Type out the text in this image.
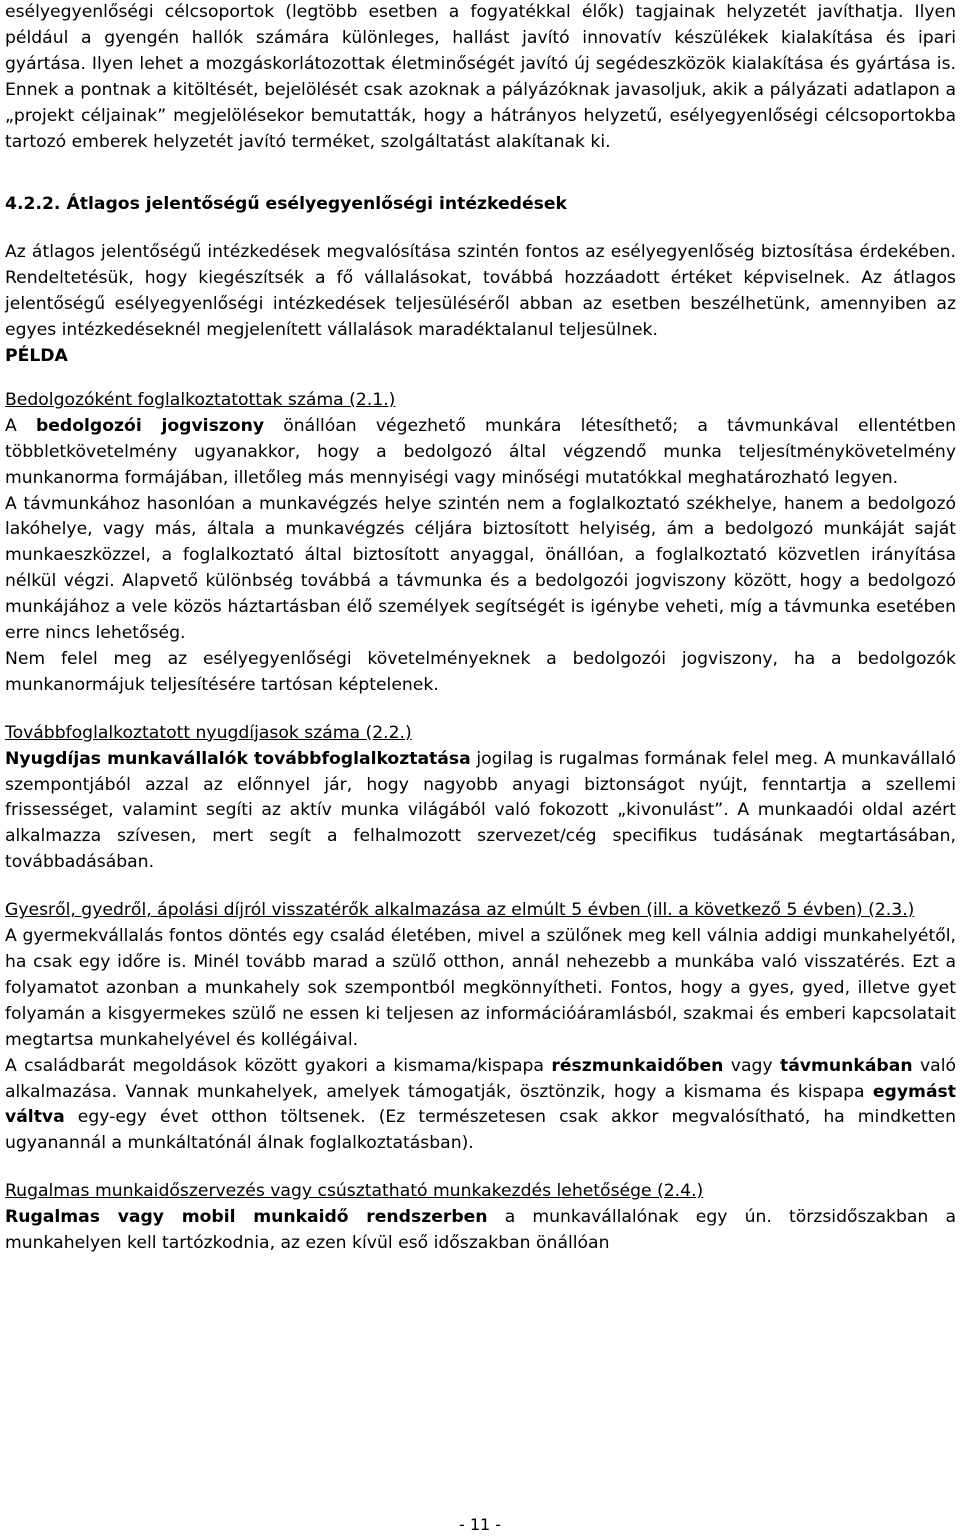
esélyegyenlőségi célcsoportok (legtöbb esetben a fogyatékkal élők) tagjainak helyzetét javíthatja. Ilyen például a gyengén hallók számára különleges, hallást javító innovatív készülékek kialakítása és ipari gyártása. Ilyen lehet a mozgáskorlátozottak életminőségét javító új segédeszközök kialakítása és gyártása is. Ennek a pontnak a kitöltését, bejelölését csak azoknak a pályázóknak javasoljuk, akik a pályázati adatlapon a „projekt céljainak” megjelölésekor bemutatták, hogy a hátrányos helyzetű, esélyegyenlőségi célcsoportokba tartozó emberek helyzetét javító terméket, szolgáltatást alakítanak ki.

4.2.2. Átlagos jelentőségű esélyegyenlőségi intézkedések

Az átlagos jelentőségű intézkedések megvalósítása szintén fontos az esélyegyenlőség biztosítása érdekében. Rendeltetésük, hogy kiegészítsék a fő vállalásokat, továbbá hozzáadott értéket képviselnek. Az átlagos jelentőségű esélyegyenlőségi intézkedések teljesüléséről abban az esetben beszélhetünk, amennyiben az egyes intézkedéseknél megjelenített vállalások maradéktalanul teljesülnek.

PÉLDA

Bedolgozóként foglalkoztatottak száma (2.1.)

A bedolgozói jogviszony önállóan végezhető munkára létesíthető; a távmunkával ellentétben többletkövetelmény ugyanakkor, hogy a bedolgozó által végzendő munka teljesítménykövetelmény munkanorma formájában, illetőleg más mennyiségi vagy minőségi mutatókkal meghatározható legyen.

A távmunkához hasonlóan a munkavégzés helye szintén nem a foglalkoztató székhelye, hanem a bedolgozó lakóhelye, vagy más, általa a munkavégzés céljára biztosított helyiség, ám a bedolgozó munkáját saját munkaeszközzel, a foglalkoztató által biztosított anyaggal, önállóan, a foglalkoztató közvetlen irányítása nélkül végzi. Alapvető különbség továbbá a távmunka és a bedolgozói jogviszony között, hogy a bedolgozó munkájához a vele közös háztartásban élő személyek segítségét is igénybe veheti, míg a távmunka esetében erre nincs lehetőség.

Nem felel meg az esélyegyenlőségi követelményeknek a bedolgozói jogviszony, ha a bedolgozók munkanormájuk teljesítésére tartósan képtelenek.

Továbbfoglalkoztatott nyugdíjasok száma (2.2.)

Nyugdíjas munkavállalók továbbfoglalkoztatása jogilag is rugalmas formának felel meg. A munkavállaló szempontjából azzal az előnnyel jár, hogy nagyobb anyagi biztonságot nyújt, fenntartja a szellemi frissességet, valamint segíti az aktív munka világából való fokozott „kivonulást”. A munkaadói oldal azért alkalmazza szívesen, mert segít a felhalmozott szervezet/cég specifikus tudásának megtartásában, továbbadásában.

Gyesről, gyedről, ápolási díjról visszatérők alkalmazása az elmúlt 5 évben (ill. a következő 5 évben) (2.3.)

A gyermekvállalás fontos döntés egy család életében, mivel a szülőnek meg kell válnia addigi munkahelyétől, ha csak egy időre is. Minél tovább marad a szülő otthon, annál nehezebb a munkába való visszatérés. Ezt a folyamatot azonban a munkahely sok szempontból megkönnyítheti. Fontos, hogy a gyes, gyed, illetve gyet folyamán a kisgyermekes szülő ne essen ki teljesen az információáramlásból, szakmai és emberi kapcsolatait megtartsa munkahelyével és kollégáival.

A családbarát megoldások között gyakori a kismama/kispapa részmunkaidőben vagy távmunkában való alkalmazása. Vannak munkahelyek, amelyek támogatják, ösztönzik, hogy a kismama és kispapa egymást váltva egy-egy évet otthon töltsenek. (Ez természetesen csak akkor megvalósítható, ha mindketten ugyanannál a munkáltatónál álnak foglalkoztatásban).

Rugalmas munkaidőszervezés vagy csúsztatható munkakezdés lehetősége (2.4.)

Rugalmas vagy mobil munkaidő rendszerben a munkavállalónak egy ún. törzsidőszakban a munkahelyen kell tartózkodnia, az ezen kívül eső időszakban önállóan

- 11 -
